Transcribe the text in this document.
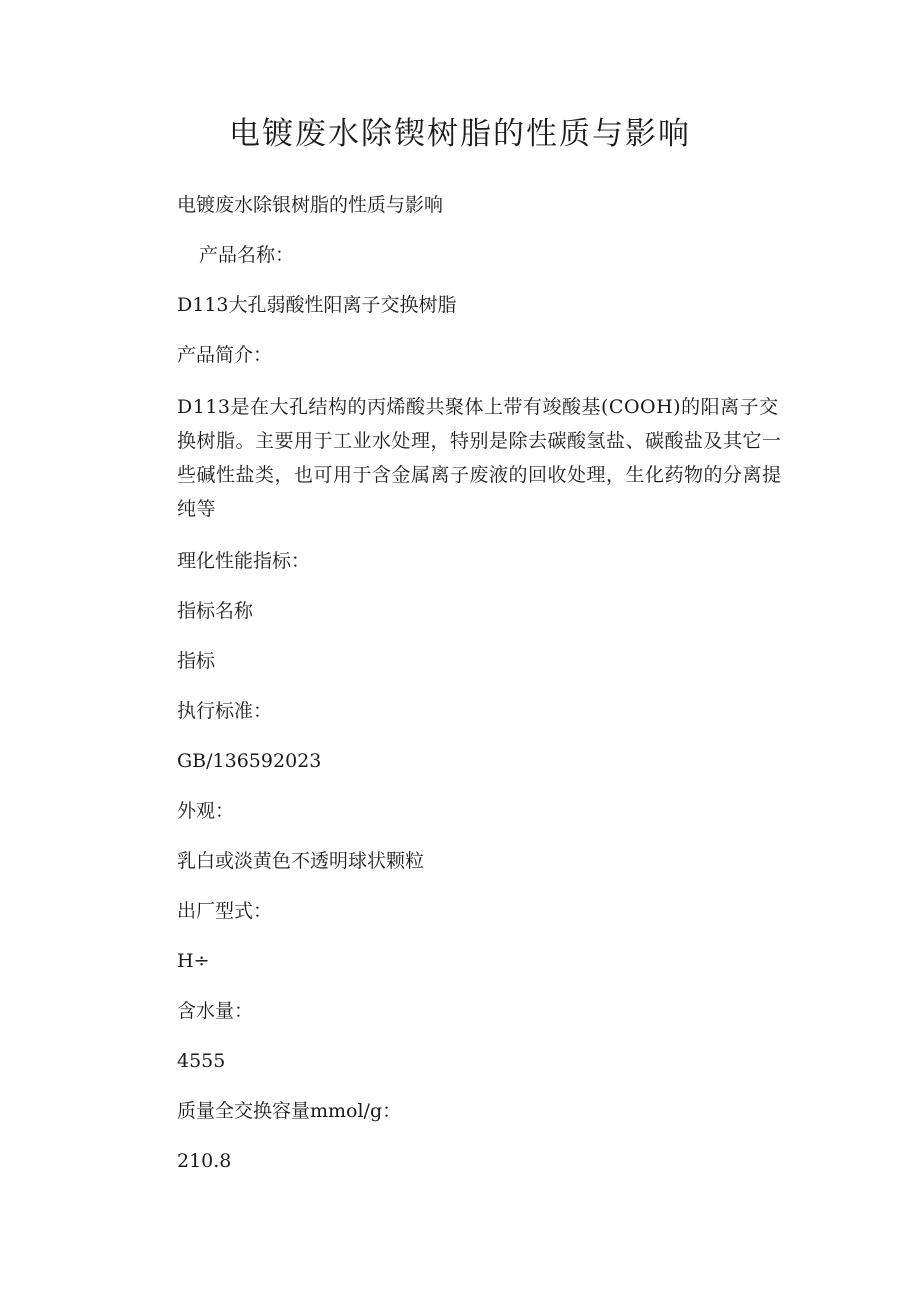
电镀废水除锲树脂的性质与影响

电镀废水除银树脂的性质与影响

产品名称：

D113大孔弱酸性阳离子交换树脂

产品简介：

D113是在大孔结构的丙烯酸共聚体上带有竣酸基(COOH)的阳离子交换树脂。主要用于工业水处理，特别是除去碳酸氢盐、碳酸盐及其它一些碱性盐类，也可用于含金属离子废液的回收处理，生化药物的分离提纯等

理化性能指标：

指标名称

指标

执行标准：

GB/136592023

外观：

乳白或淡黄色不透明球状颗粒

出厂型式：

H÷

含水量：

4555

质量全交换容量mmol/g：

210.8
